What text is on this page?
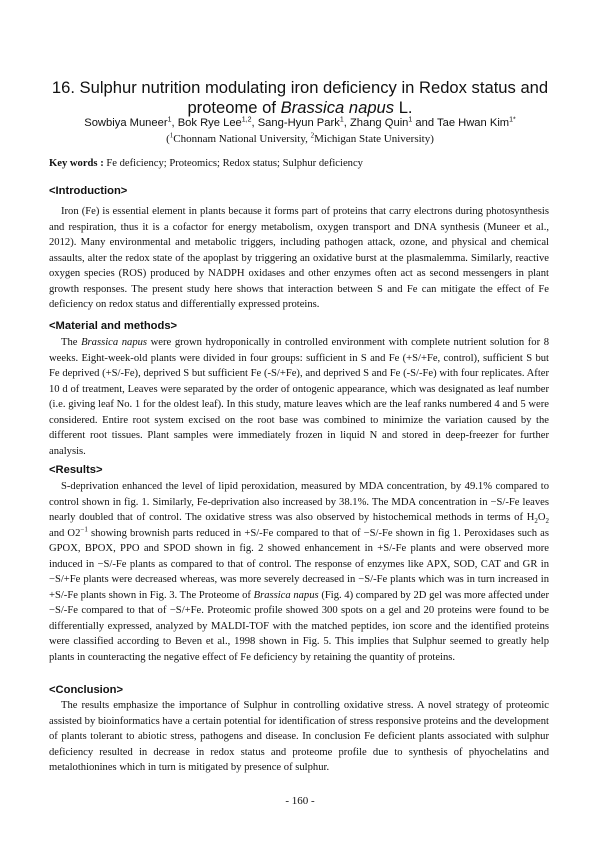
16. Sulphur nutrition modulating iron deficiency in Redox status and
proteome of Brassica napus L.
Sowbiya Muneer$^1$, Bok Rye Lee$^{1,2}$, Sang-Hyun Park$^1$, Zhang Quin$^1$ and Tae Hwan Kim$^{1*}$
($^1$Chonnam National University, $^2$Michigan State University)
Key words : Fe deficiency; Proteomics; Redox status; Sulphur deficiency
<Introduction>
Iron (Fe) is essential element in plants because it forms part of proteins that carry electrons during photosynthesis and respiration, thus it is a cofactor for energy metabolism, oxygen transport and DNA synthesis (Muneer et al., 2012). Many environmental and metabolic triggers, including pathogen attack, ozone, and physical and chemical assaults, alter the redox state of the apoplast by triggering an oxidative burst at the plasmalemma. Similarly, reactive oxygen species (ROS) produced by NADPH oxidases and other enzymes often act as second messengers in plant growth responses. The present study here shows that interaction between S and Fe can mitigate the effect of Fe deficiency on redox status and differentially expressed proteins.
<Material and methods>
The Brassica napus were grown hydroponically in controlled environment with complete nutrient solution for 8 weeks. Eight-week-old plants were divided in four groups: sufficient in S and Fe (+S/+Fe, control), sufficient S but Fe deprived (+S/-Fe), deprived S but sufficient Fe (-S/+Fe), and deprived S and Fe (-S/-Fe) with four replicates. After 10 d of treatment, Leaves were separated by the order of ontogenic appearance, which was designated as leaf number (i.e. giving leaf No. 1 for the oldest leaf). In this study, mature leaves which are the leaf ranks numbered 4 and 5 were considered. Entire root system excised on the root base was combined to minimize the variation caused by the different root tissues. Plant samples were immediately frozen in liquid N and stored in deep-freezer for further analysis.
<Results>
S-deprivation enhanced the level of lipid peroxidation, measured by MDA concentration, by 49.1% compared to control shown in fig. 1. Similarly, Fe-deprivation also increased by 38.1%. The MDA concentration in −S/-Fe leaves nearly doubled that of control. The oxidative stress was also observed by histochemical methods in terms of $H_2O_2$ and $O2^{-1}$ showing brownish parts reduced in +S/-Fe compared to that of −S/-Fe shown in fig 1. Peroxidases such as GPOX, BPOX, PPO and SPOD shown in fig. 2 showed enhancement in +S/-Fe plants and were observed more induced in −S/-Fe plants as compared to that of control. The response of enzymes like APX, SOD, CAT and GR in −S/+Fe plants were decreased whereas, was more severely decreased in −S/-Fe plants which was in turn increased in +S/-Fe plants shown in Fig. 3. The Proteome of Brassica napus (Fig. 4) compared by 2D gel was more affected under −S/-Fe compared to that of −S/+Fe. Proteomic profile showed 300 spots on a gel and 20 proteins were found to be differentially expressed, analyzed by MALDI-TOF with the matched peptides, ion score and the identified proteins were classified according to Beven et al., 1998 shown in Fig. 5. This implies that Sulphur seemed to greatly help plants in counteracting the negative effect of Fe deficiency by retaining the quantity of proteins.
<Conclusion>
The results emphasize the importance of Sulphur in controlling oxidative stress. A novel strategy of proteomic assisted by bioinformatics have a certain potential for identification of stress responsive proteins and the development of plants tolerant to abiotic stress, pathogens and disease. In conclusion Fe deficient plants associated with sulphur deficiency resulted in decrease in redox status and proteome profile due to synthesis of phyochelatins and metalothionines which in turn is mitigated by presence of sulphur.
- 160 -
